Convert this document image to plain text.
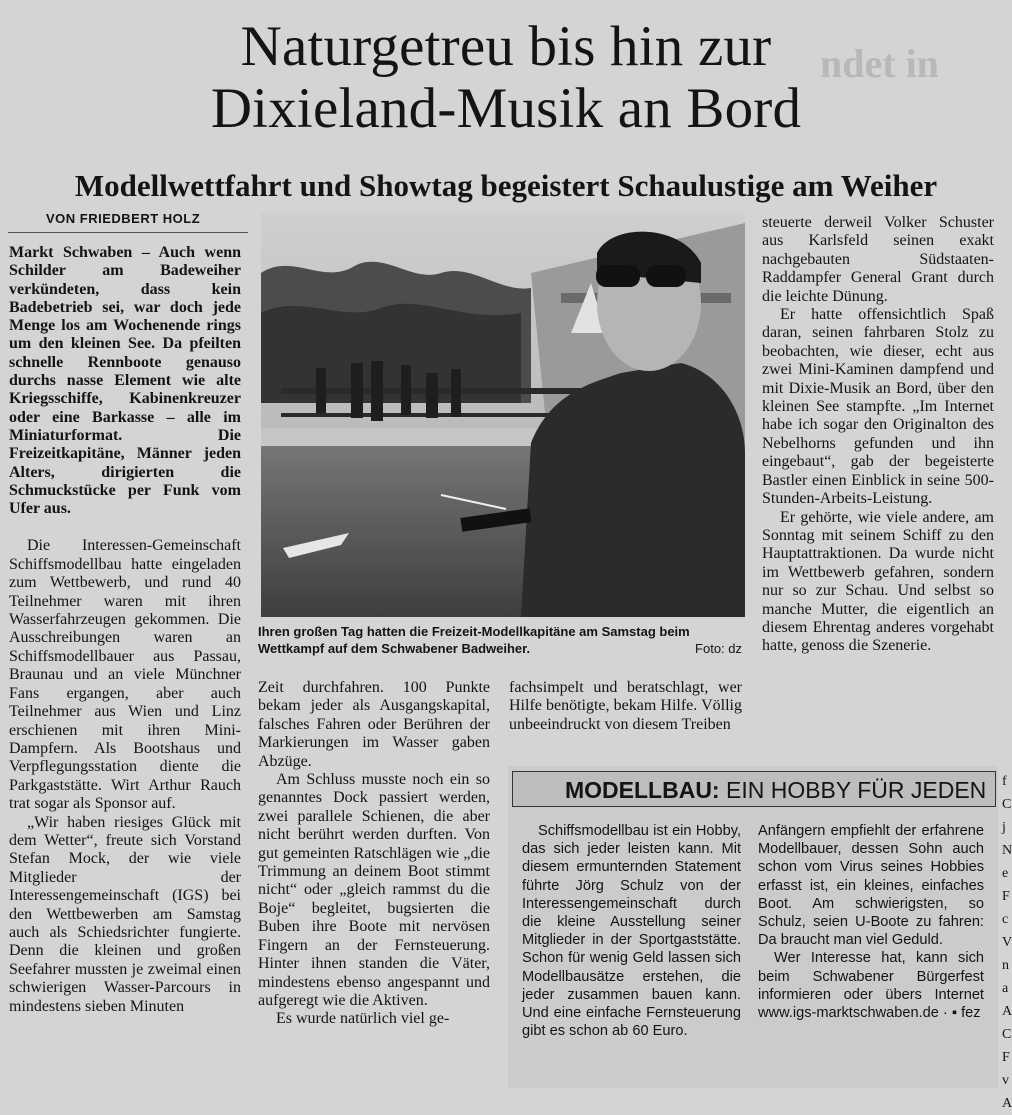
ndet in
Naturgetreu bis hin zur
Dixieland-Musik an Bord
Modellwettfahrt und Showtag begeistert Schaulustige am Weiher
VON FRIEDBERT HOLZ

Markt Schwaben – Auch wenn Schilder am Badeweiher verkündeten, dass kein Badebetrieb sei, war doch jede Menge los am Wochenende rings um den kleinen See. Da pfeilten schnelle Rennboote genauso durchs nasse Element wie alte Kriegsschiffe, Kabinenkreuzer oder eine Barkasse – alle im Miniaturformat. Die Freizeitkapitäne, Männer jeden Alters, dirigierten die Schmuckstücke per Funk vom Ufer aus.

Die Interessen-Gemeinschaft Schiffsmodellbau hatte eingeladen zum Wettbewerb, und rund 40 Teilnehmer waren mit ihren Wasserfahrzeugen gekommen. Die Ausschreibungen waren an Schiffsmodellbauer aus Passau, Braunau und an viele Münchner Fans ergangen, aber auch Teilnehmer aus Wien und Linz erschienen mit ihren Mini-Dampfern. Als Bootshaus und Verpflegungsstation diente die Parkgaststätte. Wirt Arthur Rauch trat sogar als Sponsor auf.

„Wir haben riesiges Glück mit dem Wetter“, freute sich Vorstand Stefan Mock, der wie viele Mitglieder der Interessengemeinschaft (IGS) bei den Wettbewerben am Samstag auch als Schiedsrichter fungierte. Denn die kleinen und großen Seefahrer mussten je zweimal einen schwierigen Wasser-Parcours in mindestens sieben Minuten

Ihren großen Tag hatten die Freizeit-Modellkapitäne am Samstag beim Wettkampf auf dem Schwabener Badweiher.	Foto: dz

Zeit durchfahren. 100 Punkte bekam jeder als Ausgangskapital, falsches Fahren oder Berühren der Markierungen im Wasser gaben Abzüge.

Am Schluss musste noch ein so genanntes Dock passiert werden, zwei parallele Schienen, die aber nicht berührt werden durften. Von gut gemeinten Ratschlägen wie „die Trimmung an deinem Boot stimmt nicht“ oder „gleich rammst du die Boje“ begleitet, bugsierten die Buben ihre Boote mit nervösen Fingern an der Fernsteuerung. Hinter ihnen standen die Väter, mindestens ebenso angespannt und aufgeregt wie die Aktiven.

Es wurde natürlich viel ge-

fachsimpelt und beratschlagt, wer Hilfe benötigte, bekam Hilfe. Völlig unbeeindruckt von diesem Treiben

steuerte derweil Volker Schuster aus Karlsfeld seinen exakt nachgebauten Südstaaten-Raddampfer General Grant durch die leichte Dünung.

Er hatte offensichtlich Spaß daran, seinen fahrbaren Stolz zu beobachten, wie dieser, echt aus zwei Mini-Kaminen dampfend und mit Dixie-Musik an Bord, über den kleinen See stampfte. „Im Internet habe ich sogar den Originalton des Nebelhorns gefunden und ihn eingebaut“, gab der begeisterte Bastler einen Einblick in seine 500-Stunden-Arbeits-Leistung.

Er gehörte, wie viele andere, am Sonntag mit seinem Schiff zu den Hauptattraktionen. Da wurde nicht im Wettbewerb gefahren, sondern nur so zur Schau. Und selbst so manche Mutter, die eigentlich an diesem Ehrentag anderes vorgehabt hatte, genoss die Szenerie.

MODELLBAU: EIN HOBBY FÜR JEDEN

Schiffsmodellbau ist ein Hobby, das sich jeder leisten kann. Mit diesem ermunternden Statement führte Jörg Schulz von der Interessengemeinschaft durch die kleine Ausstellung seiner Mitglieder in der Sportgaststätte. Schon für wenig Geld lassen sich Modellbausätze erstehen, die jeder zusammen bauen kann. Und eine einfache Fernsteuerung gibt es schon ab 60 Euro.

Anfängern empfiehlt der erfahrene Modellbauer, dessen Sohn auch schon vom Virus seines Hobbies erfasst ist, ein kleines, einfaches Boot. Am schwierigsten, so Schulz, seien U-Boote zu fahren: Da braucht man viel Geduld.

Wer Interesse hat, kann sich beim Schwabener Bürgerfest informieren oder übers Internet www.igs-marktschwaben.de · ▪ fez

f
C
j
N
e
F
c
V
n
a
A
C
F
v
A
